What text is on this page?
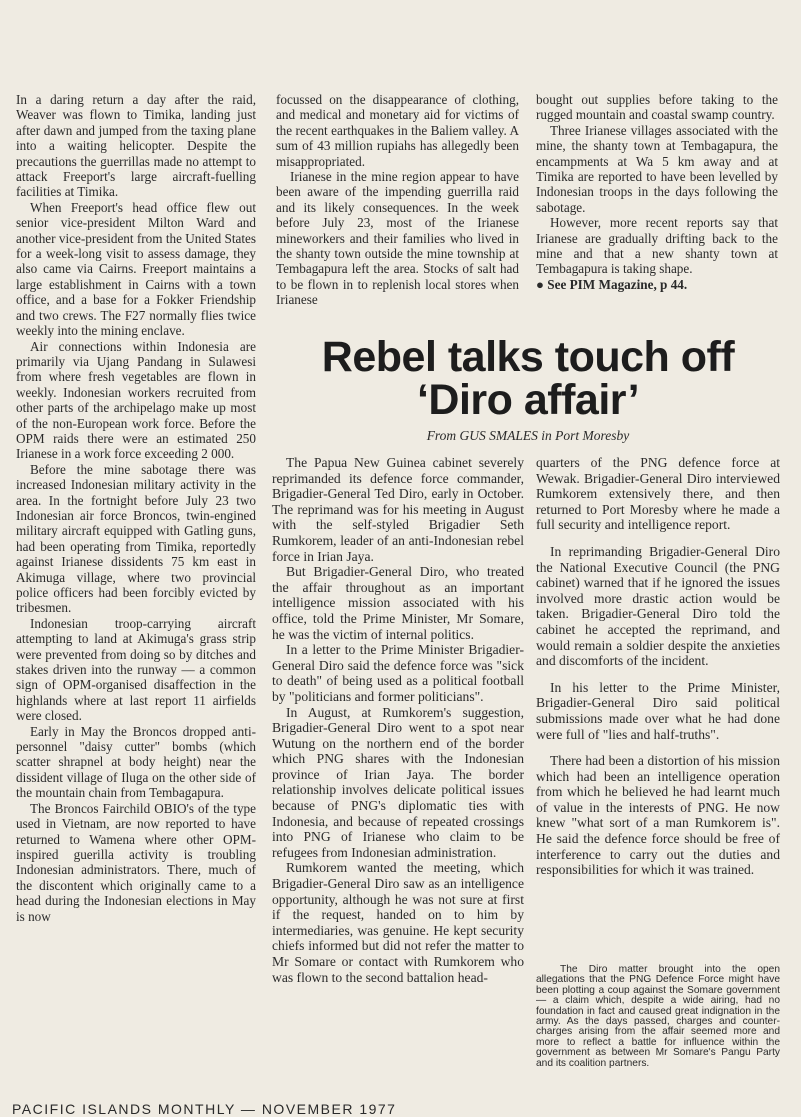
In a daring return a day after the raid, Weaver was flown to Timika, landing just after dawn and jumped from the taxing plane into a waiting helicopter. Despite the precautions the guerrillas made no attempt to attack Freeport's large aircraft-fuelling facilities at Timika.

When Freeport's head office flew out senior vice-president Milton Ward and another vice-president from the United States for a week-long visit to assess damage, they also came via Cairns. Freeport maintains a large establishment in Cairns with a town office, and a base for a Fokker Friendship and two crews. The F27 normally flies twice weekly into the mining enclave.

Air connections within Indonesia are primarily via Ujang Pandang in Sulawesi from where fresh vegetables are flown in weekly. Indonesian workers recruited from other parts of the archipelago make up most of the non-European work force. Before the OPM raids there were an estimated 250 Irianese in a work force exceeding 2 000.

Before the mine sabotage there was increased Indonesian military activity in the area. In the fortnight before July 23 two Indonesian air force Broncos, twin-engined military aircraft equipped with Gatling guns, had been operating from Timika, reportedly against Irianese dissidents 75 km east in Akimuga village, where two provincial police officers had been forcibly evicted by tribesmen.

Indonesian troop-carrying aircraft attempting to land at Akimuga's grass strip were prevented from doing so by ditches and stakes driven into the runway — a common sign of OPM-organised disaffection in the highlands where at last report 11 airfields were closed.

Early in May the Broncos dropped anti-personnel "daisy cutter" bombs (which scatter shrapnel at body height) near the dissident village of Iluga on the other side of the mountain chain from Tembagapura.

The Broncos Fairchild OBIO's of the type used in Vietnam, are now reported to have returned to Wamena where other OPM-inspired guerilla activity is troubling Indonesian administrators. There, much of the discontent which originally came to a head during the Indonesian elections in May is now

focussed on the disappearance of clothing, and medical and monetary aid for victims of the recent earthquakes in the Baliem valley. A sum of 43 million rupiahs has allegedly been misappropriated.

Irianese in the mine region appear to have been aware of the impending guerrilla raid and its likely consequences. In the week before July 23, most of the Irianese mineworkers and their families who lived in the shanty town outside the mine township at Tembagapura left the area. Stocks of salt had to be flown in to replenish local stores when Irianese

bought out supplies before taking to the rugged mountain and coastal swamp country.

Three Irianese villages associated with the mine, the shanty town at Tembagapura, the encampments at Wa 5 km away and at Timika are reported to have been levelled by Indonesian troops in the days following the sabotage.

However, more recent reports say that Irianese are gradually drifting back to the mine and that a new shanty town at Tembagapura is taking shape.

● See PIM Magazine, p 44.

Rebel talks touch off
‘Diro affair’
From GUS SMALES in Port Moresby

The Papua New Guinea cabinet severely reprimanded its defence force commander, Brigadier-General Ted Diro, early in October. The reprimand was for his meeting in August with the self-styled Brigadier Seth Rumkorem, leader of an anti-Indonesian rebel force in Irian Jaya.

But Brigadier-General Diro, who treated the affair throughout as an important intelligence mission associated with his office, told the Prime Minister, Mr Somare, he was the victim of internal politics.

In a letter to the Prime Minister Brigadier-General Diro said the defence force was "sick to death" of being used as a political football by "politicians and former politicians".

In August, at Rumkorem's suggestion, Brigadier-General Diro went to a spot near Wutung on the northern end of the border which PNG shares with the Indonesian province of Irian Jaya. The border relationship involves delicate political issues because of PNG's diplomatic ties with Indonesia, and because of repeated crossings into PNG of Irianese who claim to be refugees from Indonesian administration.

Rumkorem wanted the meeting, which Brigadier-General Diro saw as an intelligence opportunity, although he was not sure at first if the request, handed on to him by intermediaries, was genuine. He kept security chiefs informed but did not refer the matter to Mr Somare or contact with Rumkorem who was flown to the second battalion head-

quarters of the PNG defence force at Wewak. Brigadier-General Diro interviewed Rumkorem extensively there, and then returned to Port Moresby where he made a full security and intelligence report.

In reprimanding Brigadier-General Diro the National Executive Council (the PNG cabinet) warned that if he ignored the issues involved more drastic action would be taken. Brigadier-General Diro told the cabinet he accepted the reprimand, and would remain a soldier despite the anxieties and discomforts of the incident.

In his letter to the Prime Minister, Brigadier-General Diro said political submissions made over what he had done were full of "lies and half-truths".

There had been a distortion of his mission which had been an intelligence operation from which he believed he had learnt much of value in the interests of PNG. He now knew "what sort of a man Rumkorem is". He said the defence force should be free of interference to carry out the duties and responsibilities for which it was trained.

The Diro matter brought into the open allegations that the PNG Defence Force might have been plotting a coup against the Somare government — a claim which, despite a wide airing, had no foundation in fact and caused great indignation in the army. As the days passed, charges and counter-charges arising from the affair seemed more and more to reflect a battle for influence within the government as between Mr Somare's Pangu Party and its coalition partners.

PACIFIC ISLANDS MONTHLY — NOVEMBER 1977
